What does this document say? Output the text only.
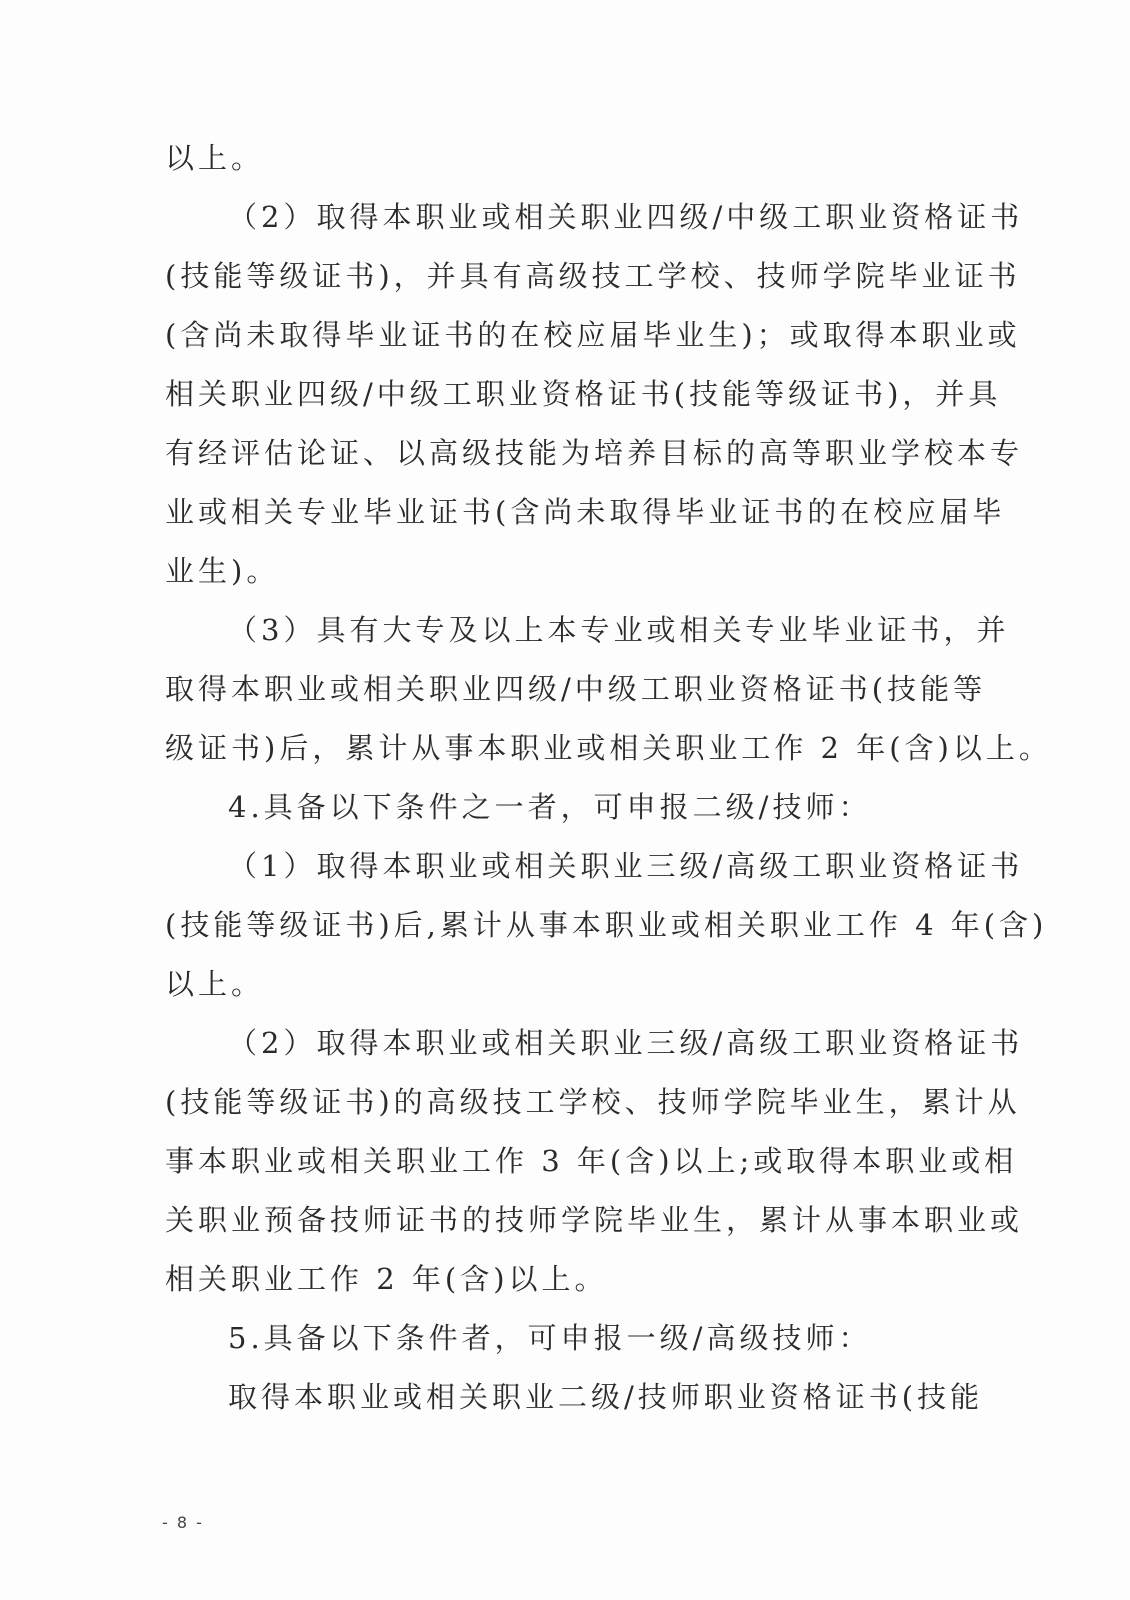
以上。
（2）取得本职业或相关职业四级/中级工职业资格证书
(技能等级证书)，并具有高级技工学校、技师学院毕业证书
(含尚未取得毕业证书的在校应届毕业生)；或取得本职业或
相关职业四级/中级工职业资格证书(技能等级证书)，并具
有经评估论证、以高级技能为培养目标的高等职业学校本专
业或相关专业毕业证书(含尚未取得毕业证书的在校应届毕
业生)。
（3）具有大专及以上本专业或相关专业毕业证书，并
取得本职业或相关职业四级/中级工职业资格证书(技能等
级证书)后，累计从事本职业或相关职业工作 2 年(含)以上。
4.具备以下条件之一者，可申报二级/技师：
（1）取得本职业或相关职业三级/高级工职业资格证书
(技能等级证书)后,累计从事本职业或相关职业工作 4 年(含)
以上。
（2）取得本职业或相关职业三级/高级工职业资格证书
(技能等级证书)的高级技工学校、技师学院毕业生，累计从
事本职业或相关职业工作 3 年(含)以上;或取得本职业或相
关职业预备技师证书的技师学院毕业生，累计从事本职业或
相关职业工作 2 年(含)以上。
5.具备以下条件者，可申报一级/高级技师：
取得本职业或相关职业二级/技师职业资格证书(技能
- 8 -
